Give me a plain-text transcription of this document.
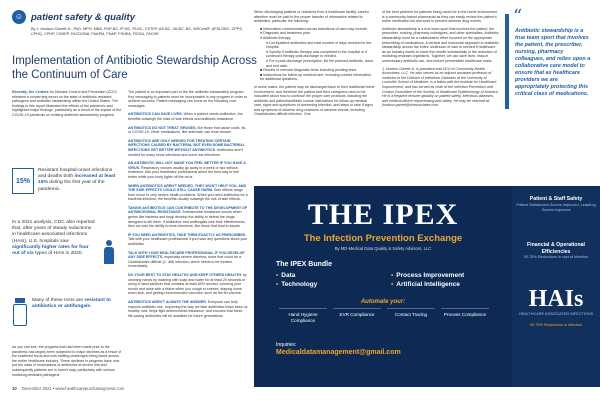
☺ patient safety & quality
By J. Hudson Garrett Jr., PhD, MPH, MBA, FNP-BC, IP-BC, PLNC, CSTEP, AS-BC, VA-BC, BC, MSCent®, AFSLOBC, CPPS, CPHQ, CPHP, CSHEP, FACDONA, FAAPM, FNAP, FSHEA, FIDSA, FACHE
Implementation of Antibiotic Stewardship Across the Continuum of Care
Recently, the Centers for Disease Control and Prevention (CDC) released a concerning report on the state of antibiotic-resistant pathogens and antibiotic stewardship within the United States. The findings in this report illustrated the effects of the pandemic and highlighted major findings, particularly as a result of the impact of the COVID-19 pandemic on existing antibiotic stewardship progress:
15%
Resistant hospital-onset infections and deaths both increased at least 15% during the first year of the pandemic.
In a 2021 analysis, CDC also reported that, after years of steady reductions in healthcare-associated infections (HAIs), U.S. hospitals saw significantly higher rates for four out of six types of HAIs in 2020.
Many of these HAIs are resistant to antibiotics or antifungals.
As you can see, the progress that had been made prior to the pandemic has largely been subjected to major declines as a result of the scattered focus and now staffing challenges being faced across the entire healthcare industry. These declines in progress have now put the class of medications of antibiotics at severe risk and subsequently patients are in harm's way, particularly with serious multidrug-resistant pathogens.
The patient is an important part of the the antibiotic stewardship program. Key messaging to patients must be incorporated in any program in order to achieve success. Patient messaging can focus on the following core messages:
ANTIBIOTICS CAN SAVE LIVES. When a patient needs antibiotics, the benefits outweigh the risks of side effects and antibiotic resistance.
ANTIBIOTICS DO NOT TREAT VIRUSES, like those that cause colds, flu, or COVID-19. Other medications, like antivirals, can treat viruses.
ANTIBIOTICS ARE ONLY NEEDED FOR TREATING CERTAIN INFECTIONS CAUSED BY BACTERIA, BUT EVEN SOME BACTERIAL INFECTIONS GET BETTER WITHOUT ANTIBIOTICS. Antibiotics aren't needed for many sinus infections and some ear infections.
AN ANTIBIOTIC WILL NOT MAKE YOU FEEL BETTER IF YOU HAVE A VIRUS. Respiratory viruses usually go away in a week or two without treatment. Ask your healthcare professional about the best way to feel better while your body fights off the virus.
WHEN ANTIBIOTICS AREN'T NEEDED, THEY WON'T HELP YOU, AND THE SIDE EFFECTS COULD STILL CAUSE HARM. Side effects range from minor to very severe health problems. When you need antibiotics for a bacterial infection, the benefits usually outweigh the risk of side effects.
TAKING ANTIBIOTICS CAN CONTRIBUTE TO THE DEVELOPMENT OF ANTIMICROBIAL RESISTANCE. Antimicrobial resistance occurs when germs like bacteria and fungi develop the ability to defeat the drugs designed to kill them. If antibiotics and antifungals lose their effectiveness, then we lose the ability to treat infections, like those that lead to sepsis.
IF YOU NEED ANTIBIOTICS, TAKE THEM EXACTLY AS PRESCRIBED. Talk with your healthcare professional if you have any questions about your antibiotics.
TALK WITH YOUR HEALTHCARE PROFESSIONAL IF YOU DEVELOP ANY SIDE EFFECTS, especially severe diarrhea, since that could be a Clostridioides difficile (C. diff) infection, which needs to be treated immediately.
DO YOUR BEST TO STAY HEALTHY AND KEEP OTHERS HEALTHY by cleaning hands by washing with soap and water for at least 20 seconds or using a hand sanitizer that contains at least 60% alcohol, covering your mouth and nose with a tissue when you cough or sneeze, staying home when sick, and getting recommended vaccines, such as the flu vaccine.
ANTIBIOTICS AREN'T ALWAYS THE ANSWER. Everyone can help improve antibiotic use. Improving the way we take antibiotics helps keep us healthy now, helps fight antimicrobial resistance, and ensures that these life-saving antibiotics will be available for future generations.
When discharging patients or residents from a healthcare facility, careful attention must be paid to the proper transfer of information related to antibiotics, particular the following:
■ Information communicated across transitions of care may include:
● Diagnosis and treatment plan
● Antibiotic therapy
● List inpatient antibiotics and total number of days received in the hospital.
● Specify if antibiotic therapy was completed in the hospital or if continued therapy post-discharge is needed.
● For a post-discharge prescription, list the planned antibiotic, dose, and end date.
■ Results of relevant diagnostic tests including pending tests
■ Instructions for follow-up medical care, including contact information for additional questions.
In some cases, the patient may be discharged back to their traditional home environment, and therefore the patient and their caregivers need to be educated about how to continue the proper care protocols including the antibiotic and patient/antibiotic course instructions for follow-up medical care, signs and symptoms of worsening infection, and steps to take if signs and symptoms of adverse drug reactions or adverse events, including Clostridioides difficile infection. One
of the best partners for patients being cared for in the home environment is a community-based pharmacist as they can easily review the patient's entire medication list and work to prevent adverse drug events.
Antibiotic stewardship is a true team sport that involves the patient, the prescriber, nursing, pharmacy colleagues, and other specialties. Antibiotic stewardship must be a collaborative effort focused on the appropriate prescribing of medications. A vertical and horizontal approach to antibiotic stewardship across the entire continuum of care is needed if healthcare as an industry wants to move the needle substantially in the reduction of multidrug-resistant organisms. Together, we can save lives, reduce unnecessary antibiotic use, and reduce preventable healthcare costs.
J. Hudson Garrett Jr. is president and CEO of Community Health Associates, LLC. He also serves as an adjunct assistant professor of medicine in the Division of Infectious Diseases at the University of Louisville School of Medicine, is a fellow with the Institute for Healthcare Improvement, and has served as chair of the Infection Prevention and Control Committee of the Society of Healthcare Epidemiology of America. He is a frequent lecturer globally on patient safety, infectious diseases, and medical device reprocessing and safety. He may be reached at: jhudson.garrett@chassociates.com.
“
Antibiotic stewardship is a true team sport that involves the patient, the prescriber, nursing, pharmacy colleagues, and relies upon a collaborative care model to ensure that as healthcare providers we are appropriately protecting this critical class of medications.
THE IPEX
The Infection Prevention Exchange
By MD-Medical Data Quality & Safety Advisors, LLC
The IPEX Bundle
• Data	• Process Improvement
• Technology	• Artificial Intelligence
Automate your:
Hand Hygiene Compliance
EVR Compliance	Contact Tracing	Process Compliance
Inquiries:
Medicaldatamanagement@gmail.com
Patient & Staff Safety
Patient Satisfaction Scores Improved, Leapfrog Scores Improved
Financial & Operational Efficiencies
50-75% Reductions in cost of infection
HAIs
HEALTHCARE ASSOCIATED INFECTIONS
50-75% Reductions in infection
10 December 2021 • www.healthcarepurchasingnews.com
